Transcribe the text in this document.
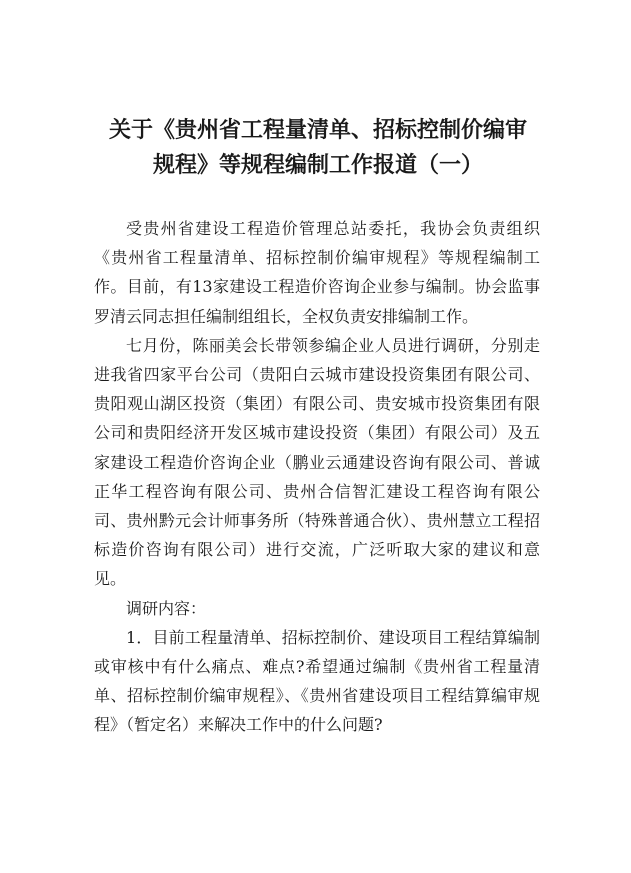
关于《贵州省工程量清单、招标控制价编审
规程》等规程编制工作报道（一）

受贵州省建设工程造价管理总站委托，我协会负责组织《贵州省工程量清单、招标控制价编审规程》等规程编制工作。目前，有13家建设工程造价咨询企业参与编制。协会监事罗清云同志担任编制组组长，全权负责安排编制工作。

七月份，陈丽美会长带领参编企业人员进行调研，分别走进我省四家平台公司（贵阳白云城市建设投资集团有限公司、贵阳观山湖区投资（集团）有限公司、贵安城市投资集团有限公司和贵阳经济开发区城市建设投资（集团）有限公司）及五家建设工程造价咨询企业（鹏业云通建设咨询有限公司、普诚正华工程咨询有限公司、贵州合信智汇建设工程咨询有限公司、贵州黔元会计师事务所（特殊普通合伙）、贵州慧立工程招标造价咨询有限公司）进行交流，广泛听取大家的建议和意见。

调研内容：

1．目前工程量清单、招标控制价、建设项目工程结算编制或审核中有什么痛点、难点?希望通过编制《贵州省工程量清单、招标控制价编审规程》、《贵州省建设项目工程结算编审规程》（暂定名）来解决工作中的什么问题?
